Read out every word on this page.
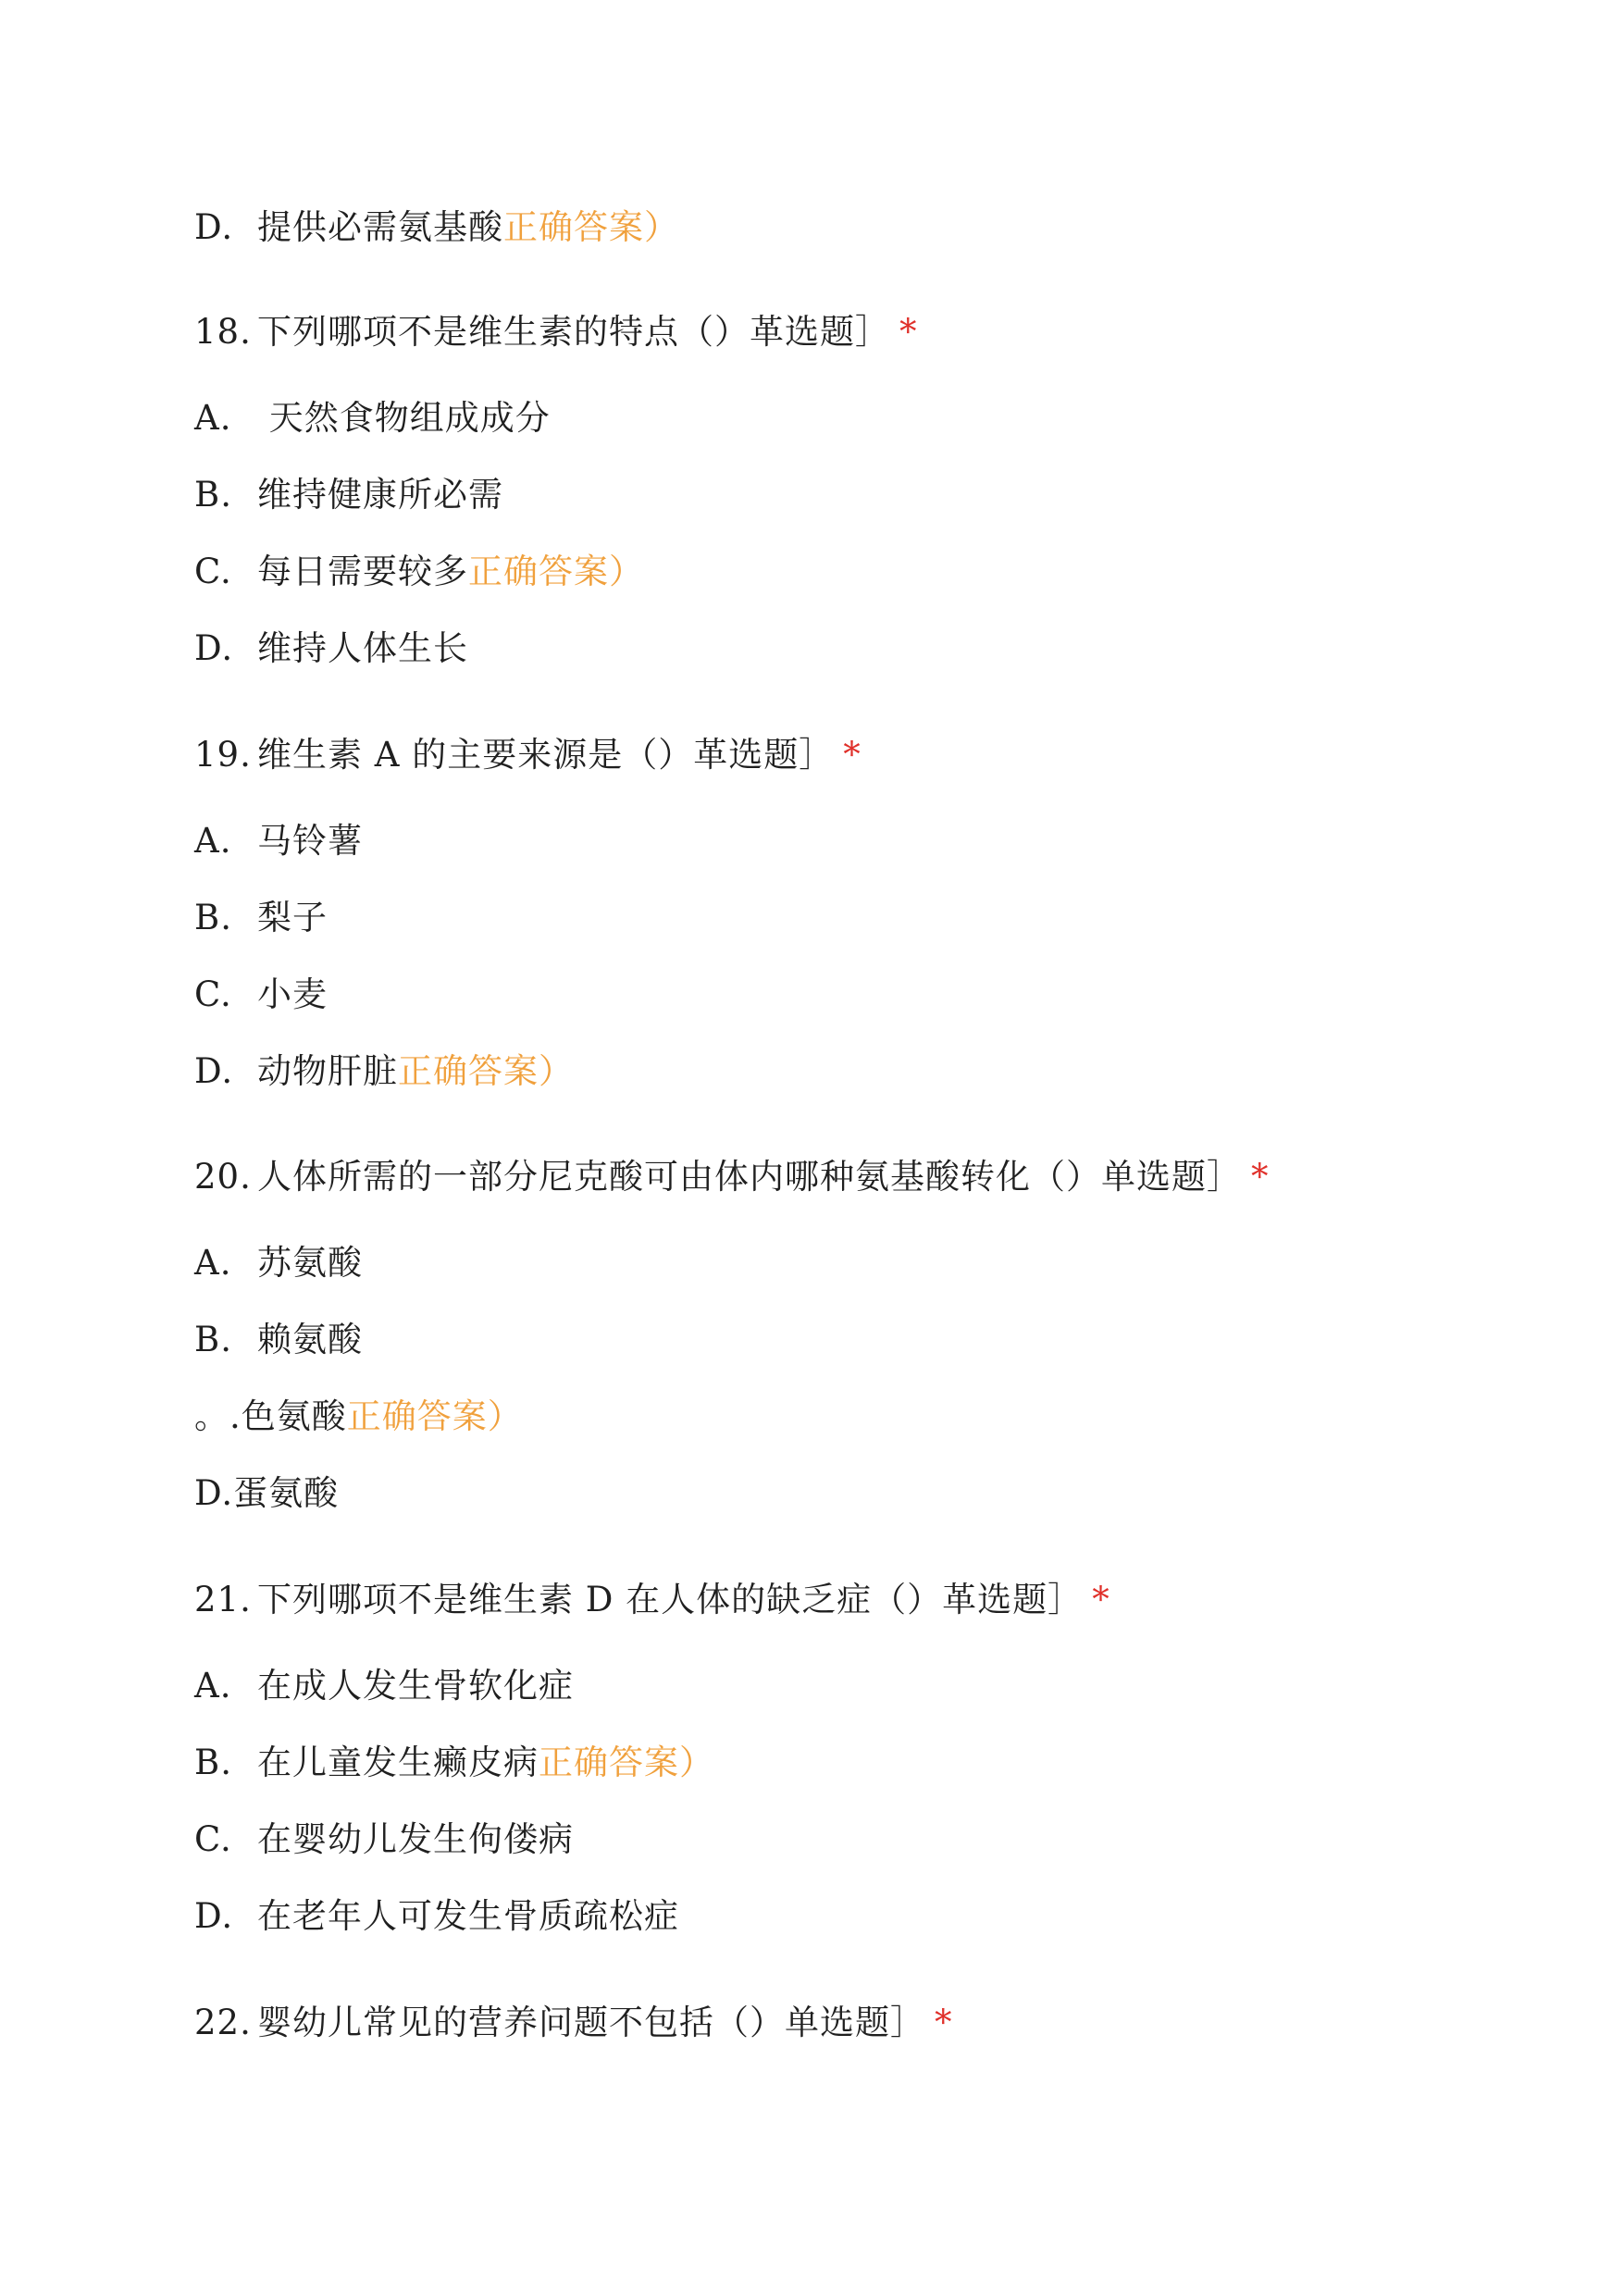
D. 提供必需氨基酸正确答案）
18. 下列哪项不是维生素的特点（）革选题］ *
A. 天然食物组成成分
B. 维持健康所必需
C. 每日需要较多正确答案）
D. 维持人体生长
19. 维生素 A 的主要来源是（）革选题］ *
A. 马铃薯
B. 梨子
C. 小麦
D. 动物肝脏正确答案）
20. 人体所需的一部分尼克酸可由体内哪种氨基酸转化（）单选题］ *
A. 苏氨酸
B. 赖氨酸
。.色氨酸正确答案）
D.蛋氨酸
21. 下列哪项不是维生素 D 在人体的缺乏症（）革选题］ *
A. 在成人发生骨软化症
B. 在儿童发生癞皮病正确答案）
C. 在婴幼儿发生佝偻病
D. 在老年人可发生骨质疏松症
22. 婴幼儿常见的营养问题不包括（）单选题］ *
